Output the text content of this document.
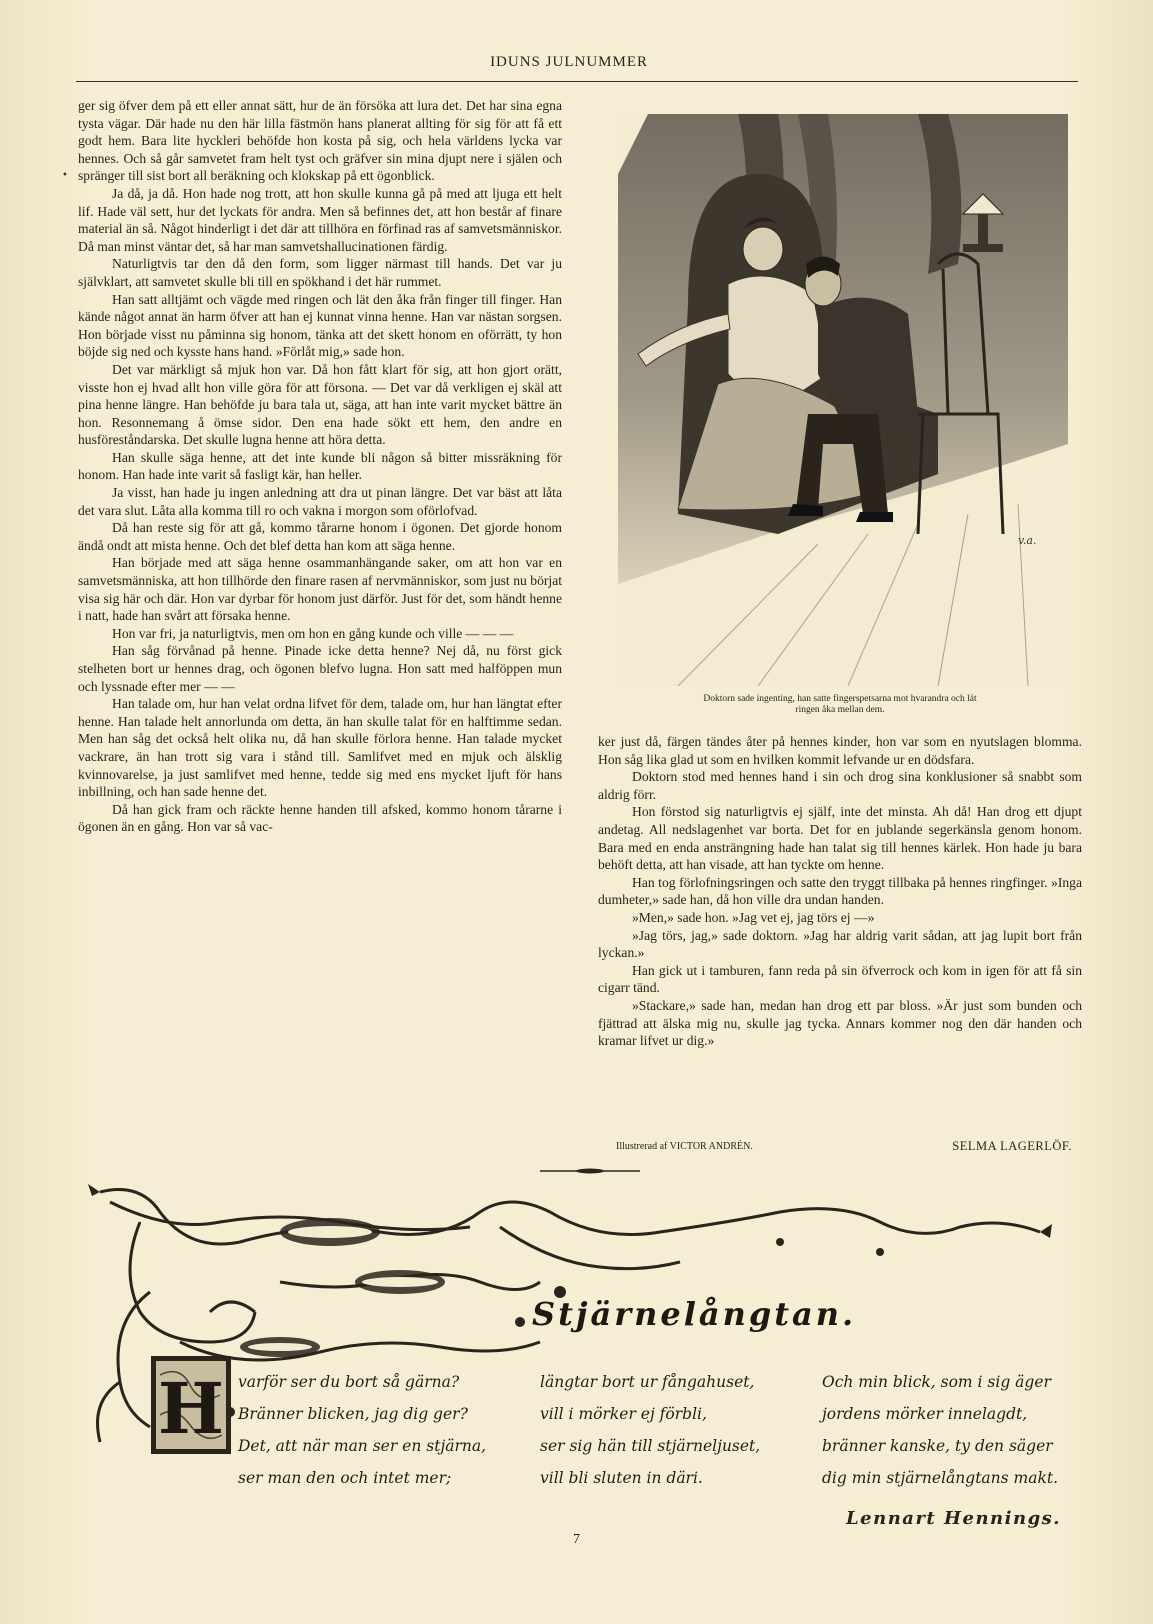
IDUNS JULNUMMER
•

ger sig öfver dem på ett eller annat sätt, hur de än försöka att lura det. Det har sina egna tysta vägar. Där hade nu den här lilla fästmön hans planerat allting för sig för att få ett godt hem. Bara lite hyckleri behöfde hon kosta på sig, och hela världens lycka var hennes. Och så går samvetet fram helt tyst och gräfver sin mina djupt nere i själen och spränger till sist bort all beräkning och klokskap på ett ögonblick.

Ja då, ja då. Hon hade nog trott, att hon skulle kunna gå på med att ljuga ett helt lif. Hade väl sett, hur det lyckats för andra. Men så befinnes det, att hon består af finare material än så. Något hinderligt i det där att tillhöra en förfinad ras af samvetsmänniskor. Då man minst väntar det, så har man samvetshallucinationen färdig.

Naturligtvis tar den då den form, som ligger närmast till hands. Det var ju självklart, att samvetet skulle bli till en spökhand i det här rummet.

Han satt alltjämt och vägde med ringen och lät den åka från finger till finger. Han kände något annat än harm öfver att han ej kunnat vinna henne. Han var nästan sorgsen. Hon började visst nu påminna sig honom, tänka att det skett honom en oförrätt, ty hon böjde sig ned och kysste hans hand. »Förlåt mig,» sade hon.

Det var märkligt så mjuk hon var. Då hon fått klart för sig, att hon gjort orätt, visste hon ej hvad allt hon ville göra för att försona. — Det var då verkligen ej skäl att pina henne längre. Han behöfde ju bara tala ut, säga, att han inte varit mycket bättre än hon. Resonnemang å ömse sidor. Den ena hade sökt ett hem, den andre en husföreståndarska. Det skulle lugna henne att höra detta.

Han skulle säga henne, att det inte kunde bli någon så bitter missräkning för honom. Han hade inte varit så fasligt kär, han heller.

Ja visst, han hade ju ingen anledning att dra ut pinan längre. Det var bäst att låta det vara slut. Låta alla komma till ro och vakna i morgon som oförlofvad.

Då han reste sig för att gå, kommo tårarne honom i ögonen. Det gjorde honom ändå ondt att mista henne. Och det blef detta han kom att säga henne.

Han började med att säga henne osammanhängande saker, om att hon var en samvetsmänniska, att hon tillhörde den finare rasen af nervmänniskor, som just nu börjat visa sig här och där. Hon var dyrbar för honom just därför. Just för det, som händt henne i natt, hade han svårt att försaka henne.

Hon var fri, ja naturligtvis, men om hon en gång kunde och ville — — —

Han såg förvånad på henne. Pinade icke detta henne? Nej då, nu först gick stelheten bort ur hennes drag, och ögonen blefvo lugna. Hon satt med halföppen mun och lyssnade efter mer — —

Han talade om, hur han velat ordna lifvet för dem, talade om, hur han längtat efter henne. Han talade helt annorlunda om detta, än han skulle talat för en halftimme sedan. Men han såg det också helt olika nu, då han skulle förlora henne. Han talade mycket vackrare, än han trott sig vara i stånd till. Samlifvet med en mjuk och älsklig kvinnovarelse, ja just samlifvet med henne, tedde sig med ens mycket ljuft för hans inbillning, och han sade henne det.

Då han gick fram och räckte henne handen till afsked, kommo honom tårarne i ögonen än en gång. Hon var så vac-

v.a.
Doktorn sade ingenting, han satte fingerspetsarna mot hvarandra och lät
ringen åka mellan dem.

ker just då, färgen tändes åter på hennes kinder, hon var som en nyutslagen blomma. Hon såg lika glad ut som en hvilken kommit lefvande ur en dödsfara.

Doktorn stod med hennes hand i sin och drog sina konklusioner så snabbt som aldrig förr.

Hon förstod sig naturligtvis ej själf, inte det minsta. Ah då! Han drog ett djupt andetag. All nedslagenhet var borta. Det for en jublande segerkänsla genom honom. Bara med en enda ansträngning hade han talat sig till hennes kärlek. Hon hade ju bara behöft detta, att han visade, att han tyckte om henne.

Han tog förlofningsringen och satte den tryggt tillbaka på hennes ringfinger. »Inga dumheter,» sade han, då hon ville dra undan handen.

»Men,» sade hon. »Jag vet ej, jag törs ej —»

»Jag törs, jag,» sade doktorn. »Jag har aldrig varit sådan, att jag lupit bort från lyckan.»

Han gick ut i tamburen, fann reda på sin öfverrock och kom in igen för att få sin cigarr tänd.

»Stackare,» sade han, medan han drog ett par bloss. »Är just som bunden och fjättrad att älska mig nu, skulle jag tycka. Annars kommer nog den där handen och kramar lifvet ur dig.»

Illustrerad af VICTOR ANDRÉN.	SELMA LAGERLÖF.
Stjärnelångtan.
H varför ser du bort så gärna?
Bränner blicken, jag dig ger?
Det, att när man ser en stjärna,
ser man den och intet mer;
längtar bort ur fångahuset,
vill i mörker ej förbli,
ser sig hän till stjärneljuset,
vill bli sluten in däri.
Och min blick, som i sig äger
jordens mörker innelagdt,
bränner kanske, ty den säger
dig min stjärnelångtans makt.
Lennart Hennings.
7
